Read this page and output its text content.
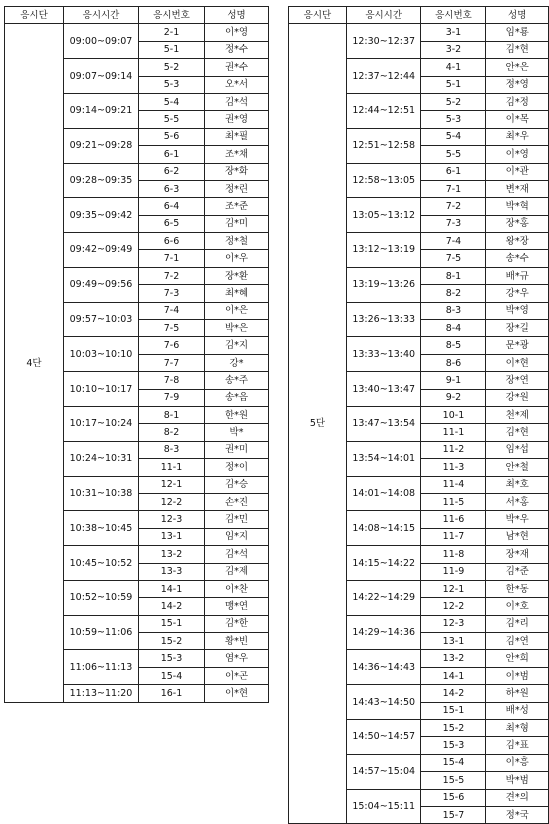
응시단	응시시간	응시번호	성명
4단	09:00~09:07	2-1	이*영
		5-1	정*수
	09:07~09:14	5-2	권*수
		5-3	오*서
	09:14~09:21	5-4	김*석
		5-5	권*영
	09:21~09:28	5-6	최*필
		6-1	조*채
	09:28~09:35	6-2	장*화
		6-3	정*린
	09:35~09:42	6-4	조*준
		6-5	김*미
	09:42~09:49	6-6	정*철
		7-1	이*우
	09:49~09:56	7-2	장*환
		7-3	최*혜
	09:57~10:03	7-4	이*은
		7-5	박*은
	10:03~10:10	7-6	김*지
		7-7	강*
	10:10~10:17	7-8	송*주
		7-9	송*음
	10:17~10:24	8-1	한*원
		8-2	박*
	10:24~10:31	8-3	권*미
		11-1	정*이
	10:31~10:38	12-1	김*승
		12-2	손*진
	10:38~10:45	12-3	김*민
		13-1	임*지
	10:45~10:52	13-2	김*석
		13-3	김*제
	10:52~10:59	14-1	이*찬
		14-2	맹*연
	10:59~11:06	15-1	김*한
		15-2	황*빈
	11:06~11:13	15-3	염*우
		15-4	이*곤
	11:13~11:20	16-1	이*현
응시단	응시시간	응시번호	성명
5단	12:30~12:37	3-1	임*룡
		3-2	김*현
	12:37~12:44	4-1	안*은
		5-1	정*영
	12:44~12:51	5-2	김*정
		5-3	이*목
	12:51~12:58	5-4	최*우
		5-5	이*영
	12:58~13:05	6-1	이*관
		7-1	변*재
	13:05~13:12	7-2	박*혁
		7-3	장*홍
	13:12~13:19	7-4	왕*장
		7-5	송*수
	13:19~13:26	8-1	배*규
		8-2	강*우
	13:26~13:33	8-3	박*영
		8-4	장*길
	13:33~13:40	8-5	문*광
		8-6	이*현
	13:40~13:47	9-1	장*연
		9-2	강*원
	13:47~13:54	10-1	천*제
		11-1	김*현
	13:54~14:01	11-2	임*섭
		11-3	안*철
	14:01~14:08	11-4	최*호
		11-5	서*홍
	14:08~14:15	11-6	박*우
		11-7	남*현
	14:15~14:22	11-8	장*재
		11-9	김*준
	14:22~14:29	12-1	한*동
		12-2	이*호
	14:29~14:36	12-3	김*리
		13-1	김*연
	14:36~14:43	13-2	안*희
		14-1	이*범
	14:43~14:50	14-2	하*원
		15-1	배*성
	14:50~14:57	15-2	최*형
		15-3	김*표
	14:57~15:04	15-4	이*흥
		15-5	박*범
	15:04~15:11	15-6	견*의
		15-7	정*국
